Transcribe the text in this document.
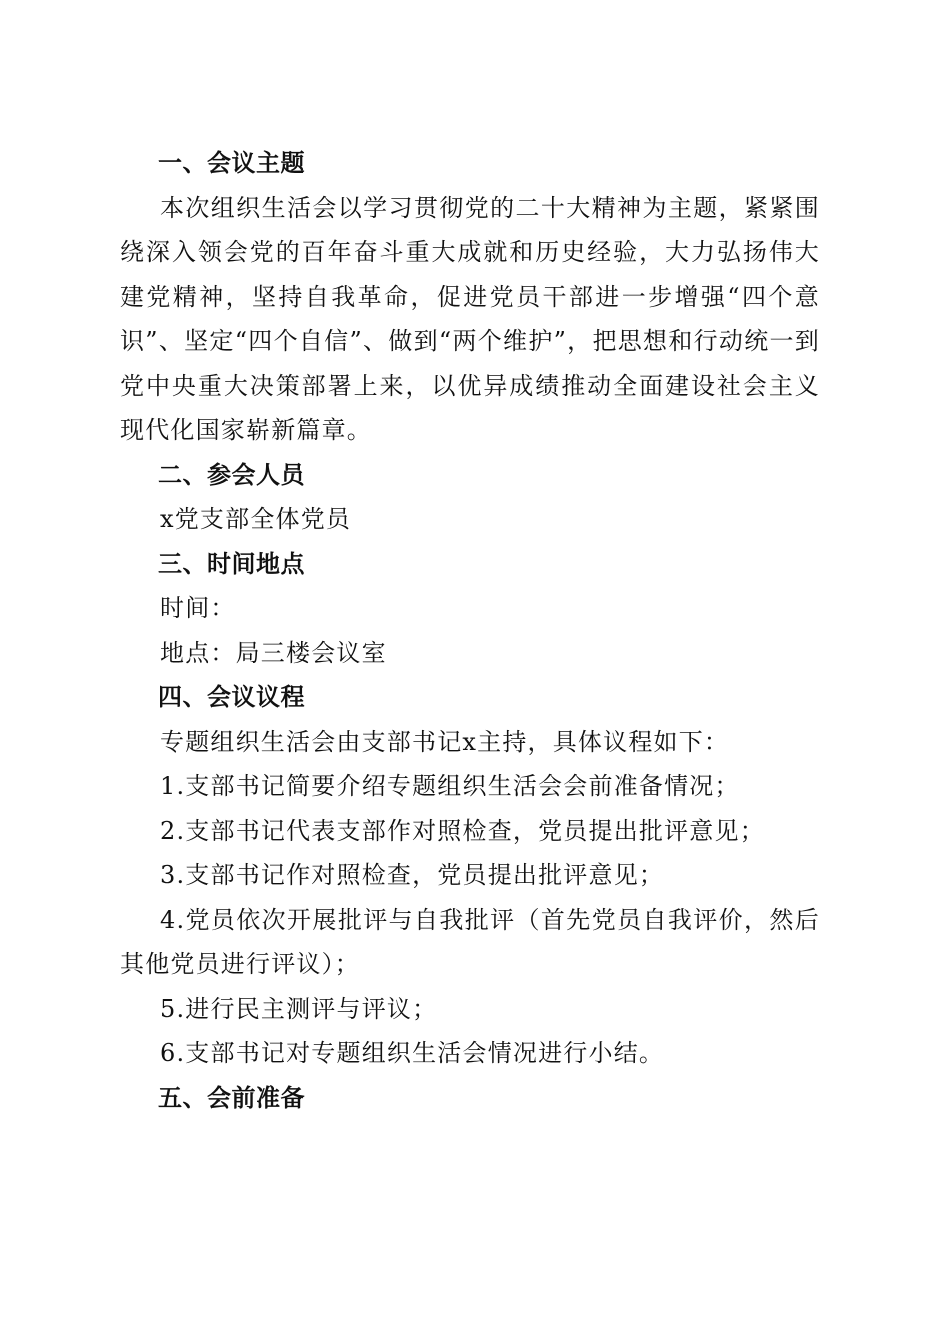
一、会议主题

本次组织生活会以学习贯彻党的二十大精神为主题，紧紧围绕深入领会党的百年奋斗重大成就和历史经验，大力弘扬伟大建党精神，坚持自我革命，促进党员干部进一步增强“四个意识”、坚定“四个自信”、做到“两个维护”，把思想和行动统一到党中央重大决策部署上来，以优异成绩推动全面建设社会主义现代化国家崭新篇章。

二、参会人员

x党支部全体党员

三、时间地点

时间：

地点：局三楼会议室

四、会议议程

专题组织生活会由支部书记x主持，具体议程如下：

1.支部书记简要介绍专题组织生活会会前准备情况；

2.支部书记代表支部作对照检查，党员提出批评意见；

3.支部书记作对照检查，党员提出批评意见；

4.党员依次开展批评与自我批评（首先党员自我评价，然后其他党员进行评议）；

5.进行民主测评与评议；

6.支部书记对专题组织生活会情况进行小结。

五、会前准备
